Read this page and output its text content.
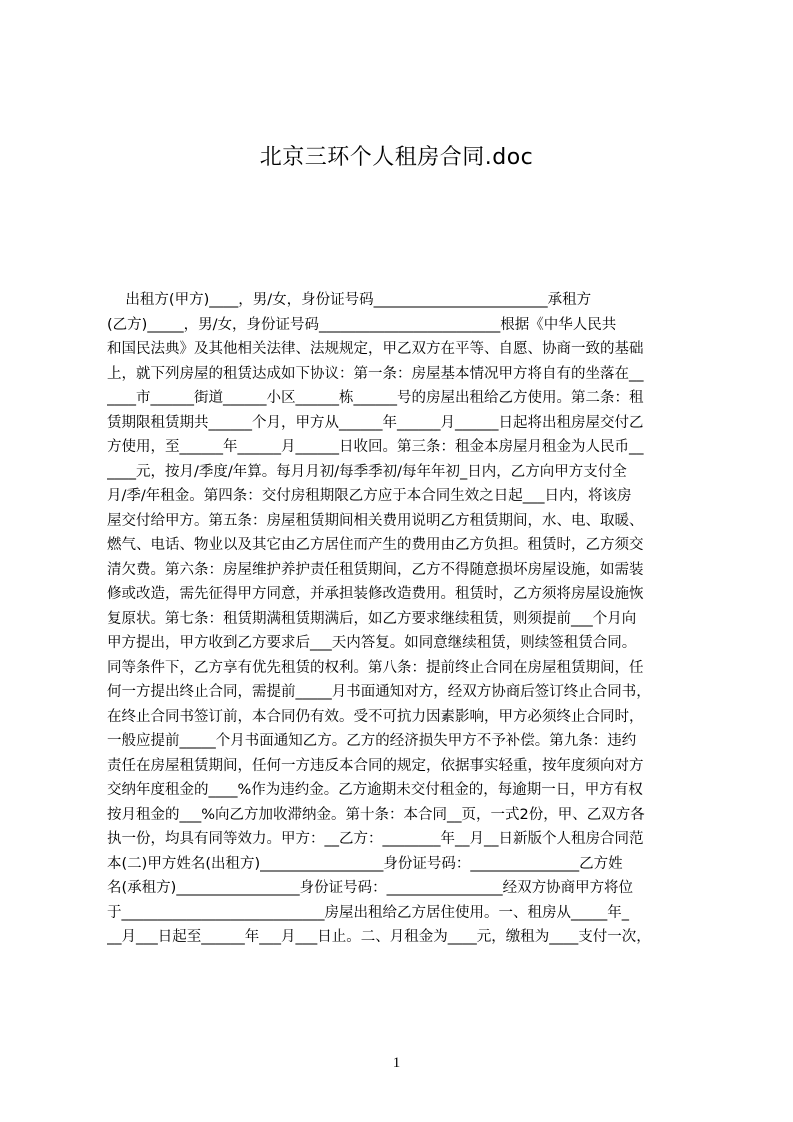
北京三环个人租房合同.doc
出租方(甲方)____，男/女，身份证号码________________________承租方
(乙方)_____，男/女，身份证号码_________________________根据《中华人民共
和国民法典》及其他相关法律、法规规定，甲乙双方在平等、自愿、协商一致的基础
上，就下列房屋的租赁达成如下协议：第一条：房屋基本情况甲方将自有的坐落在__
____市______街道______小区______栋______号的房屋出租给乙方使用。第二条：租
赁期限租赁期共______个月，甲方从______年______月______日起将出租房屋交付乙
方使用，至______年______月______日收回。第三条：租金本房屋月租金为人民币__
____元，按月/季度/年算。每月月初/每季季初/每年年初_日内，乙方向甲方支付全
月/季/年租金。第四条：交付房租期限乙方应于本合同生效之日起___日内，将该房
屋交付给甲方。第五条：房屋租赁期间相关费用说明乙方租赁期间，水、电、取暖、
燃气、电话、物业以及其它由乙方居住而产生的费用由乙方负担。租赁时，乙方须交
清欠费。第六条：房屋维护养护责任租赁期间，乙方不得随意损坏房屋设施，如需装
修或改造，需先征得甲方同意，并承担装修改造费用。租赁时，乙方须将房屋设施恢
复原状。第七条：租赁期满租赁期满后，如乙方要求继续租赁，则须提前___个月向
甲方提出，甲方收到乙方要求后___天内答复。如同意继续租赁，则续签租赁合同。
同等条件下，乙方享有优先租赁的权利。第八条：提前终止合同在房屋租赁期间，任
何一方提出终止合同，需提前_____月书面通知对方，经双方协商后签订终止合同书，
在终止合同书签订前，本合同仍有效。受不可抗力因素影响，甲方必须终止合同时，
一般应提前_____个月书面通知乙方。乙方的经济损失甲方不予补偿。第九条：违约
责任在房屋租赁期间，任何一方违反本合同的规定，依据事实轻重，按年度须向对方
交纳年度租金的____%作为违约金。乙方逾期未交付租金的，每逾期一日，甲方有权
按月租金的___%向乙方加收滞纳金。第十条：本合同__页，一式2份，甲、乙双方各
执一份，均具有同等效力。甲方：__乙方：________年__月__日新版个人租房合同范
本(二)甲方姓名(出租方)_________________身份证号码：_______________乙方姓
名(承租方)_________________身份证号码：________________经双方协商甲方将位
于____________________________房屋出租给乙方居住使用。一、租房从_____年_
__月___日起至______年___月___日止。二、月租金为____元，缴租为____支付一次，
1
